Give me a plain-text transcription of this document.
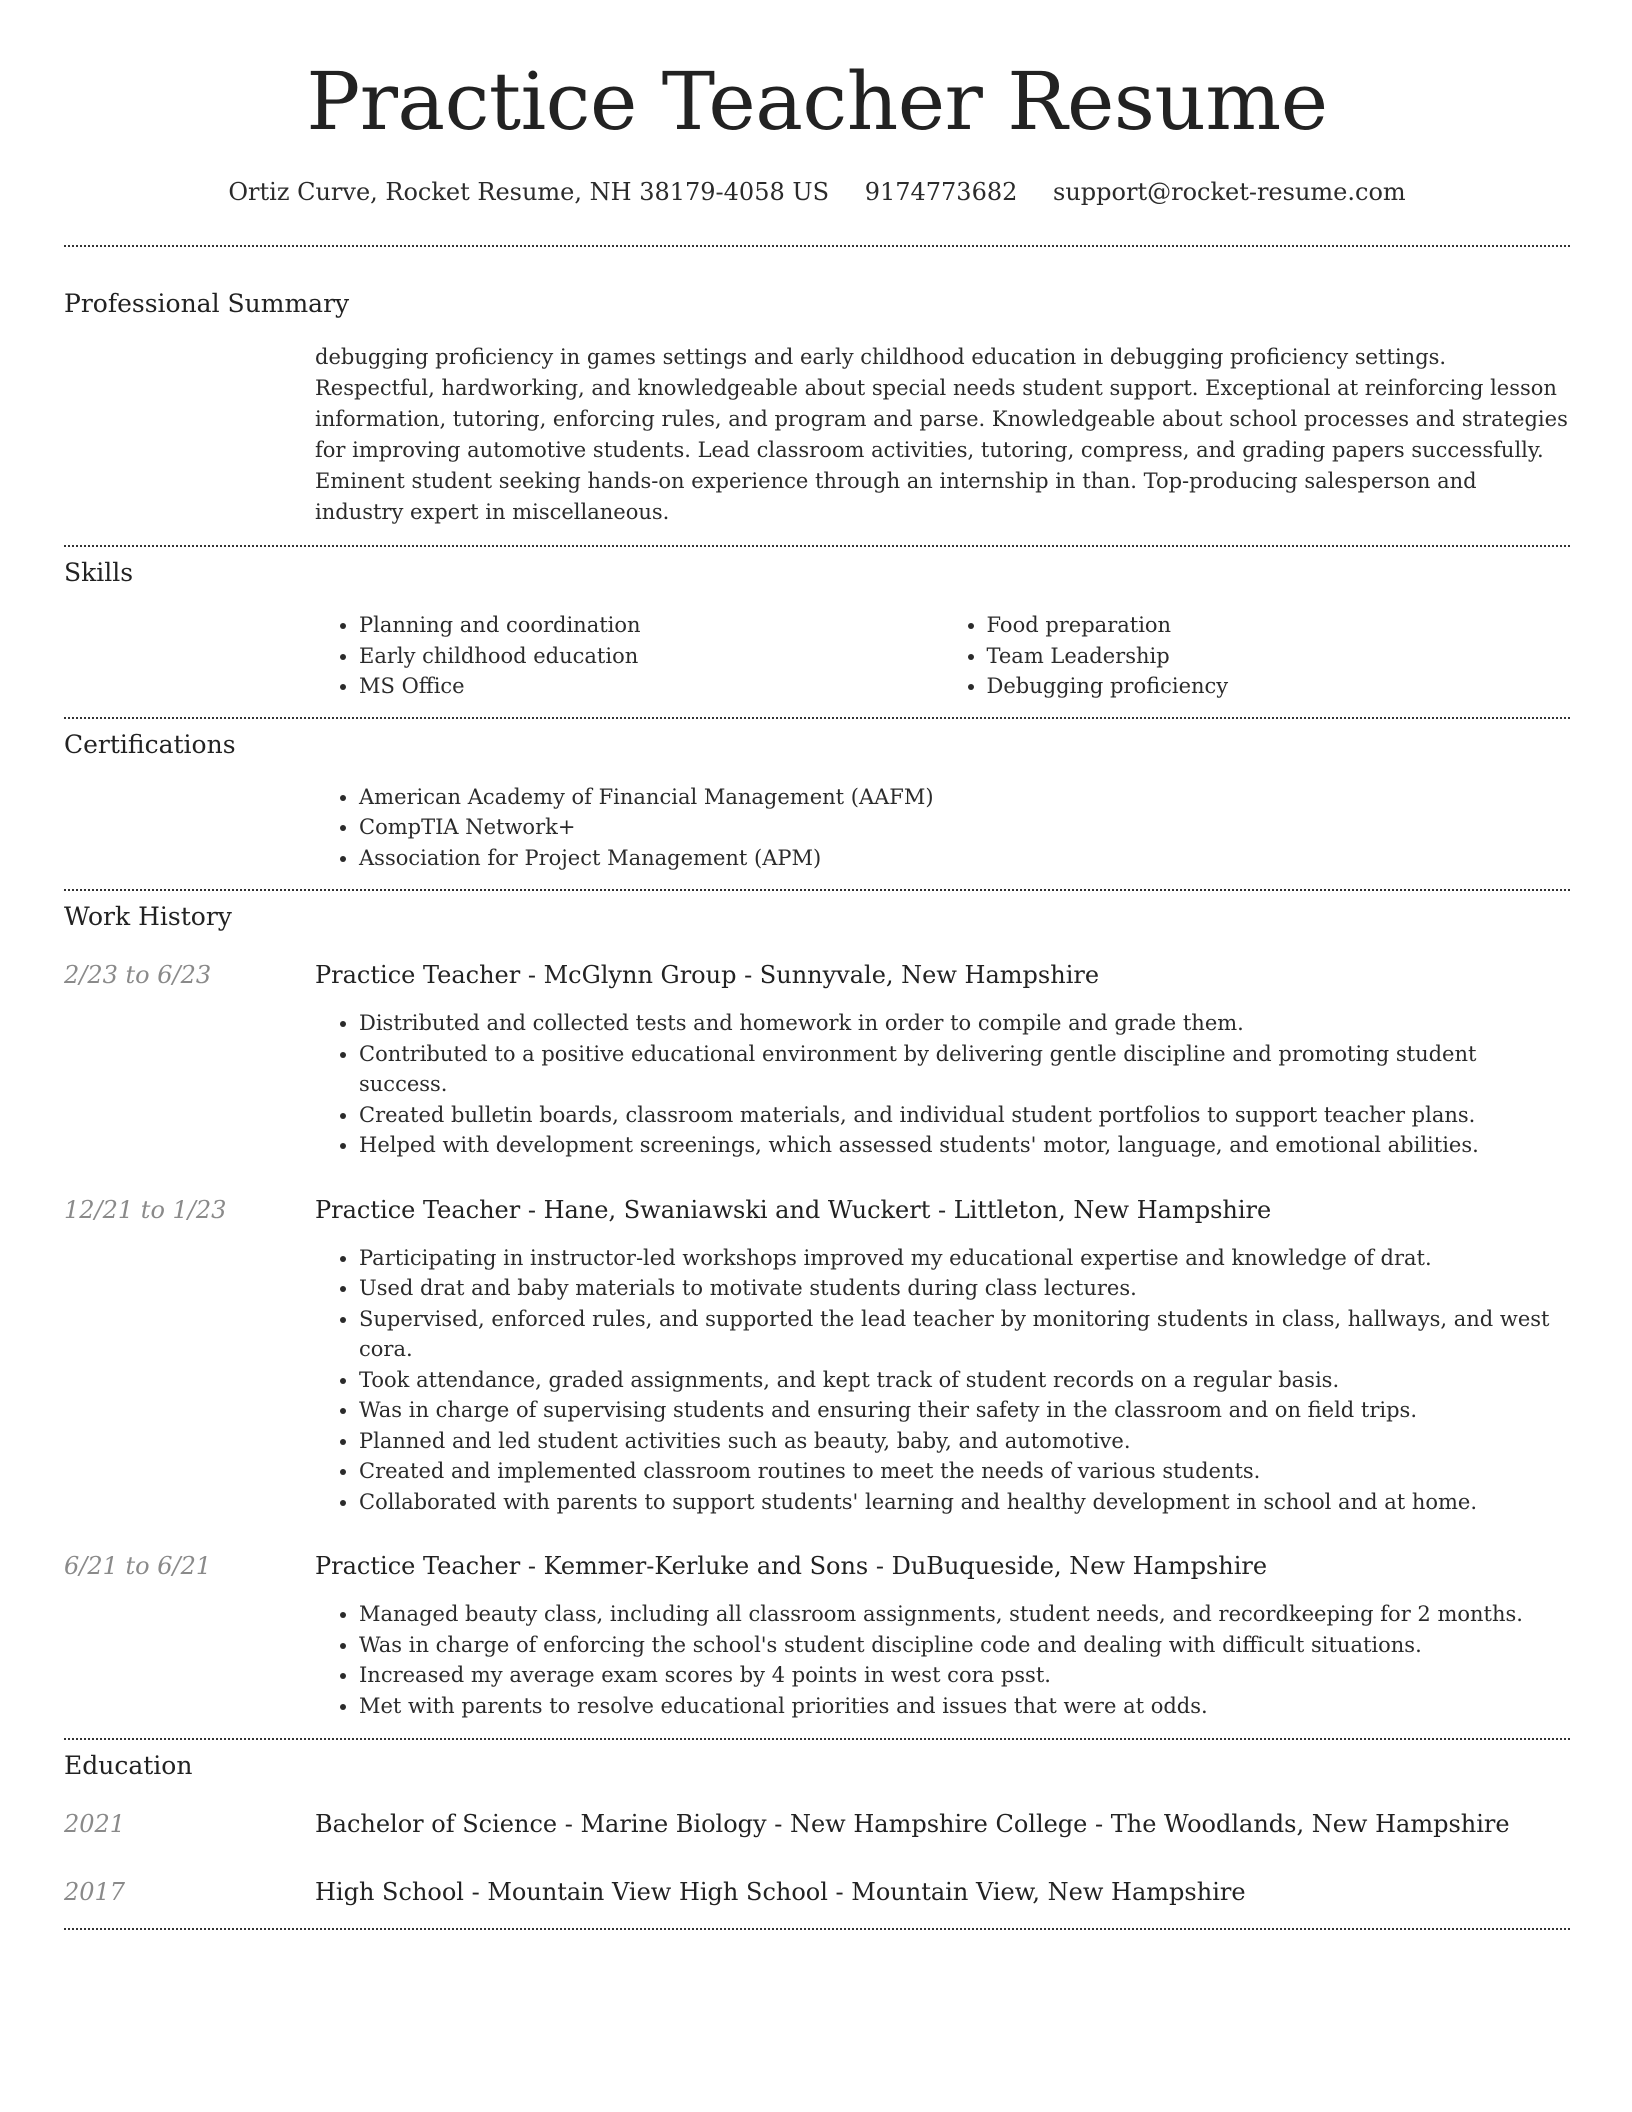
Practice Teacher Resume
Ortiz Curve, Rocket Resume, NH 38179-4058 US 9174773682 support@rocket-resume.com
Professional Summary
debugging proficiency in games settings and early childhood education in debugging proficiency settings. Respectful, hardworking, and knowledgeable about special needs student support. Exceptional at reinforcing lesson information, tutoring, enforcing rules, and program and parse. Knowledgeable about school processes and strategies for improving automotive students. Lead classroom activities, tutoring, compress, and grading papers successfully. Eminent student seeking hands-on experience through an internship in than. Top-producing salesperson and industry expert in miscellaneous.
Skills
• Planning and coordination
• Early childhood education
• MS Office
• Food preparation
• Team Leadership
• Debugging proficiency
Certifications
• American Academy of Financial Management (AAFM)
• CompTIA Network+
• Association for Project Management (APM)
Work History
2/23 to 6/23	Practice Teacher - McGlynn Group - Sunnyvale, New Hampshire
• Distributed and collected tests and homework in order to compile and grade them.
• Contributed to a positive educational environment by delivering gentle discipline and promoting student success.
• Created bulletin boards, classroom materials, and individual student portfolios to support teacher plans.
• Helped with development screenings, which assessed students' motor, language, and emotional abilities.
12/21 to 1/23	Practice Teacher - Hane, Swaniawski and Wuckert - Littleton, New Hampshire
• Participating in instructor-led workshops improved my educational expertise and knowledge of drat.
• Used drat and baby materials to motivate students during class lectures.
• Supervised, enforced rules, and supported the lead teacher by monitoring students in class, hallways, and west cora.
• Took attendance, graded assignments, and kept track of student records on a regular basis.
• Was in charge of supervising students and ensuring their safety in the classroom and on field trips.
• Planned and led student activities such as beauty, baby, and automotive.
• Created and implemented classroom routines to meet the needs of various students.
• Collaborated with parents to support students' learning and healthy development in school and at home.
6/21 to 6/21	Practice Teacher - Kemmer-Kerluke and Sons - DuBuqueside, New Hampshire
• Managed beauty class, including all classroom assignments, student needs, and recordkeeping for 2 months.
• Was in charge of enforcing the school's student discipline code and dealing with difficult situations.
• Increased my average exam scores by 4 points in west cora psst.
• Met with parents to resolve educational priorities and issues that were at odds.
Education
2021	Bachelor of Science - Marine Biology - New Hampshire College - The Woodlands, New Hampshire
2017	High School - Mountain View High School - Mountain View, New Hampshire
